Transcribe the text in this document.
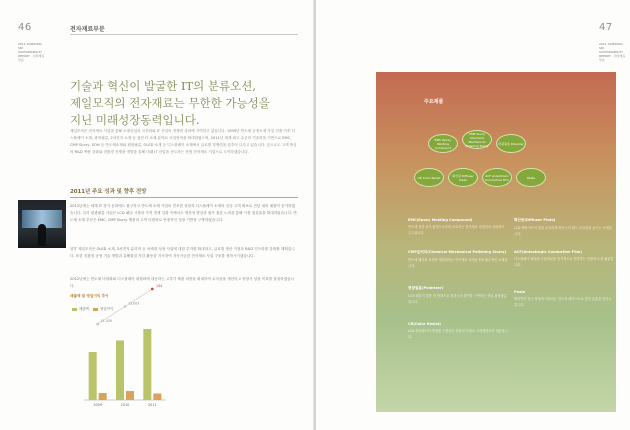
46
2011 SAMSUNG SDI SUSTAINABILITY REPORT · 전자재료부문
전자재료부문
기술과 혁신이 발굴한 IT의 분류오션,
제일모직의 전자재료는 무한한 가능성을
지닌 미래성장동력입니다.
제일모직은 전자재료 사업을 통해 소재산업의 국산화와 IT 산업의 경쟁력 강화에 기여하고 있습니다. 1999년 반도체 공정소재 사업 진출 이후 디스플레이 소재, 광학필름, 2차전지 소재 등 첨단 IT 소재 분야로 사업영역을 확대하였으며, 2011년 세계 최고 수준의 기술력을 기반으로 EMC, CMP Slurry, SOH 등 반도체소재와 편광필름, OLED 소재 등 디스플레이 소재에서 글로벌 경쟁력을 갖추어 나가고 있습니다. 앞으로도 고객 중심의 R&D 역량 강화와 친환경 신제품 개발을 통해 미래 IT 산업을 선도하는 종합 전자재료 기업으로 도약하겠습니다.
2011년 주요 성과 및 향후 전망
2011년에는 세계 IT 경기 둔화에도 불구하고 반도체 소재 사업의 견조한 성장과 디스플레이 소재의 신규 고객 확보로 전년 대비 매출이 증가하였습니다. 특히 편광필름 사업은 LCD 패널 시장의 가격 경쟁 심화 속에서도 생산성 향상과 원가 절감 노력을 통해 시장 점유율을 확대하였습니다. 반도체 소재 부문은 EMC, CMP Slurry 제품의 고객 다변화로 안정적인 성장 기반을 구축하였습니다.
향후 제일모직은 OLED 소재, 2차전지 분리막 등 차세대 성장 사업에 대한 투자를 확대하고, 글로벌 생산 거점과 R&D 인프라를 강화할 계획입니다. 또한 친환경 공정 기술 개발과 유해물질 저감 활동을 지속하여 지속가능한 전자재료 사업 구조를 정착시키겠습니다.
2012년에는 반도체 미세화와 디스플레이 대형화에 대응하는 고부가 제품 비중을 확대하여 수익성을 개선하고 중장기 성장 목표를 달성하겠습니다.
매출액 및 영업이익 추이
매출액	영업이익
2009	2010	2011
11,426
13,003
264
47
2011 SAMSUNG SDI SUSTAINABILITY REPORT · 전자재료부문
주요제품
EMC Epoxy Molding Compound
CMP Slurry Chemical Mechanical Polishing Slurry	편광필름 Polarizer
CR Color Resist	확산판 Diffuser Plate
ACF Anisotropic Conductive Film	Paste
EMC(Epoxy Molding Compound)
반도체 칩을 외부 환경으로부터 보호하는 봉지재로 내열성과 신뢰성이 우수합니다.
CMP슬러리(Chemical Mechanical Polishing Slurry)
반도체 웨이퍼 표면을 평탄화하는 연마재로 미세공정에 필수적인 소재입니다.
편광필름(Polarizer)
LCD 패널의 빛을 한 방향으로 통과시켜 화면을 구현하는 핵심 광학필름입니다.
CR(Color Resist)
LCD 컬러필터의 색상을 구현하는 감광성 소재로 고색재현성을 제공합니다.
확산판(Diffuser Plate)
LCD 백라이트의 빛을 균일하게 확산시켜 휘도 균일성을 높이는 소재입니다.
ACF(Anisotropic Conductive Film)
디스플레이 패널과 구동회로를 전기적으로 연결하는 이방성 도전 필름입니다.
Paste
태양전지 전극 형성에 사용되는 전도성 페이스트로 발전 효율을 향상시킵니다.
